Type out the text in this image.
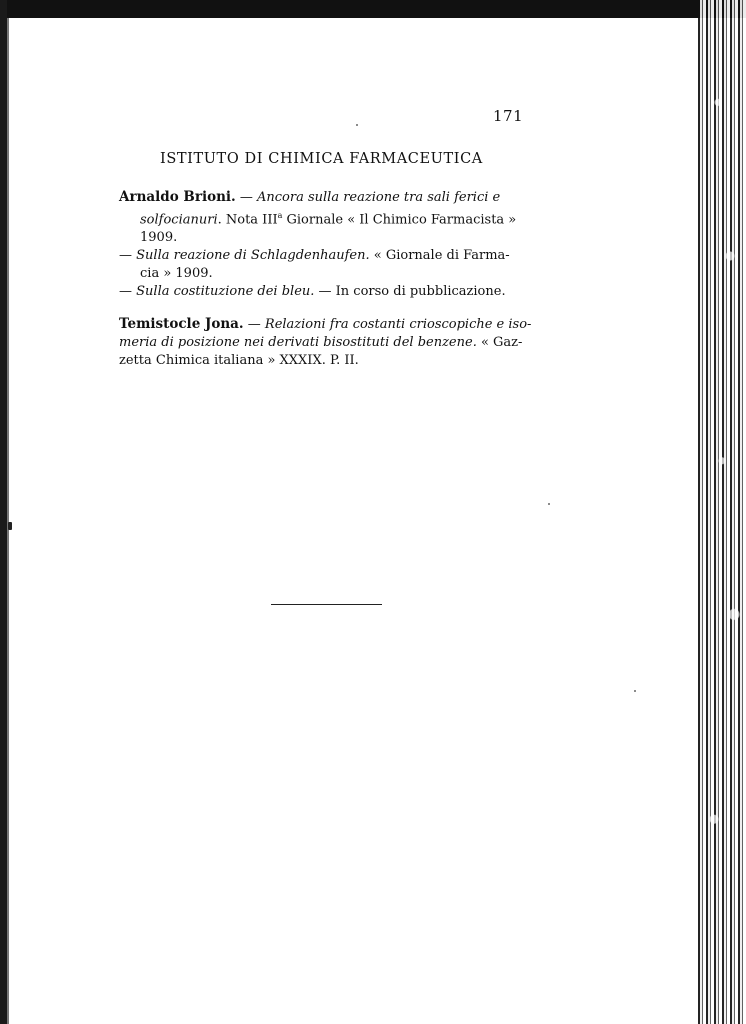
171
ISTITUTO DI CHIMICA FARMACEUTICA
Arnaldo Brioni. — Ancora sulla reazione tra sali ferici e
solfocianuri. Nota III$^a$ Giornale « Il Chimico Farmacista »
1909.
— Sulla reazione di Schlagdenhaufen. « Giornale di Farma-
cia » 1909.
— Sulla costituzione dei bleu. — In corso di pubblicazione.
Temistocle Jona. — Relazioni fra costanti crioscopiche e iso-
meria di posizione nei derivati bisostituti del benzene. « Gaz-
zetta Chimica italiana » XXXIX. P. II.
